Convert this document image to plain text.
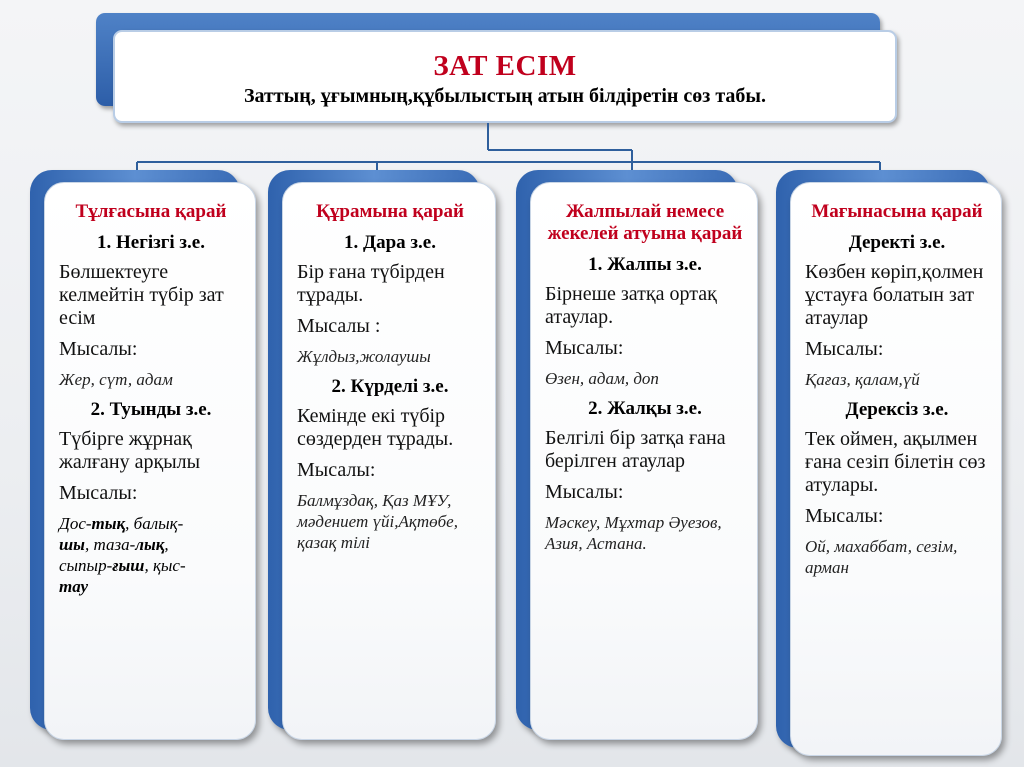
ЗАТ ЕСІМ
Заттың, ұғымның,құбылыстың атын білдіретін сөз табы.
Тұлғасына қарай
1. Негізгі з.е.
Бөлшектеуге келмейтін түбір зат есім
Мысалы:
Жер, сүт, адам
2. Туынды з.е.
Түбірге жұрнақ жалғану арқылы
Мысалы:
Дос-тық, балық-
шы, таза-лық,
сыпыр-ғыш, қыс-
тау
Құрамына қарай
1. Дара з.е.
Бір ғана түбірден тұрады.
Мысалы :
Жұлдыз,жолаушы
2. Күрделі з.е.
Кемінде екі түбір сөздерден тұрады.
Мысалы:
Балмұздақ, Қаз МҰУ, мәдениет үйі,Ақтөбе, қазақ тілі
Жалпылай немесе жекелей атуына қарай
1. Жалпы з.е.
Бірнеше затқа ортақ атаулар.
Мысалы:
Өзен, адам, доп
2. Жалқы з.е.
Белгілі бір затқа ғана берілген атаулар
Мысалы:
Мәскеу, Мұхтар Әуезов, Азия, Астана.
Мағынасына қарай
Деректі з.е.
Көзбен көріп,қолмен ұстауға болатын зат атаулар
Мысалы:
Қағаз, қалам,үй
Дерексіз з.е.
Тек оймен, ақылмен ғана сезіп білетін сөз атулары.
Мысалы:
Ой, махаббат, сезім, арман
